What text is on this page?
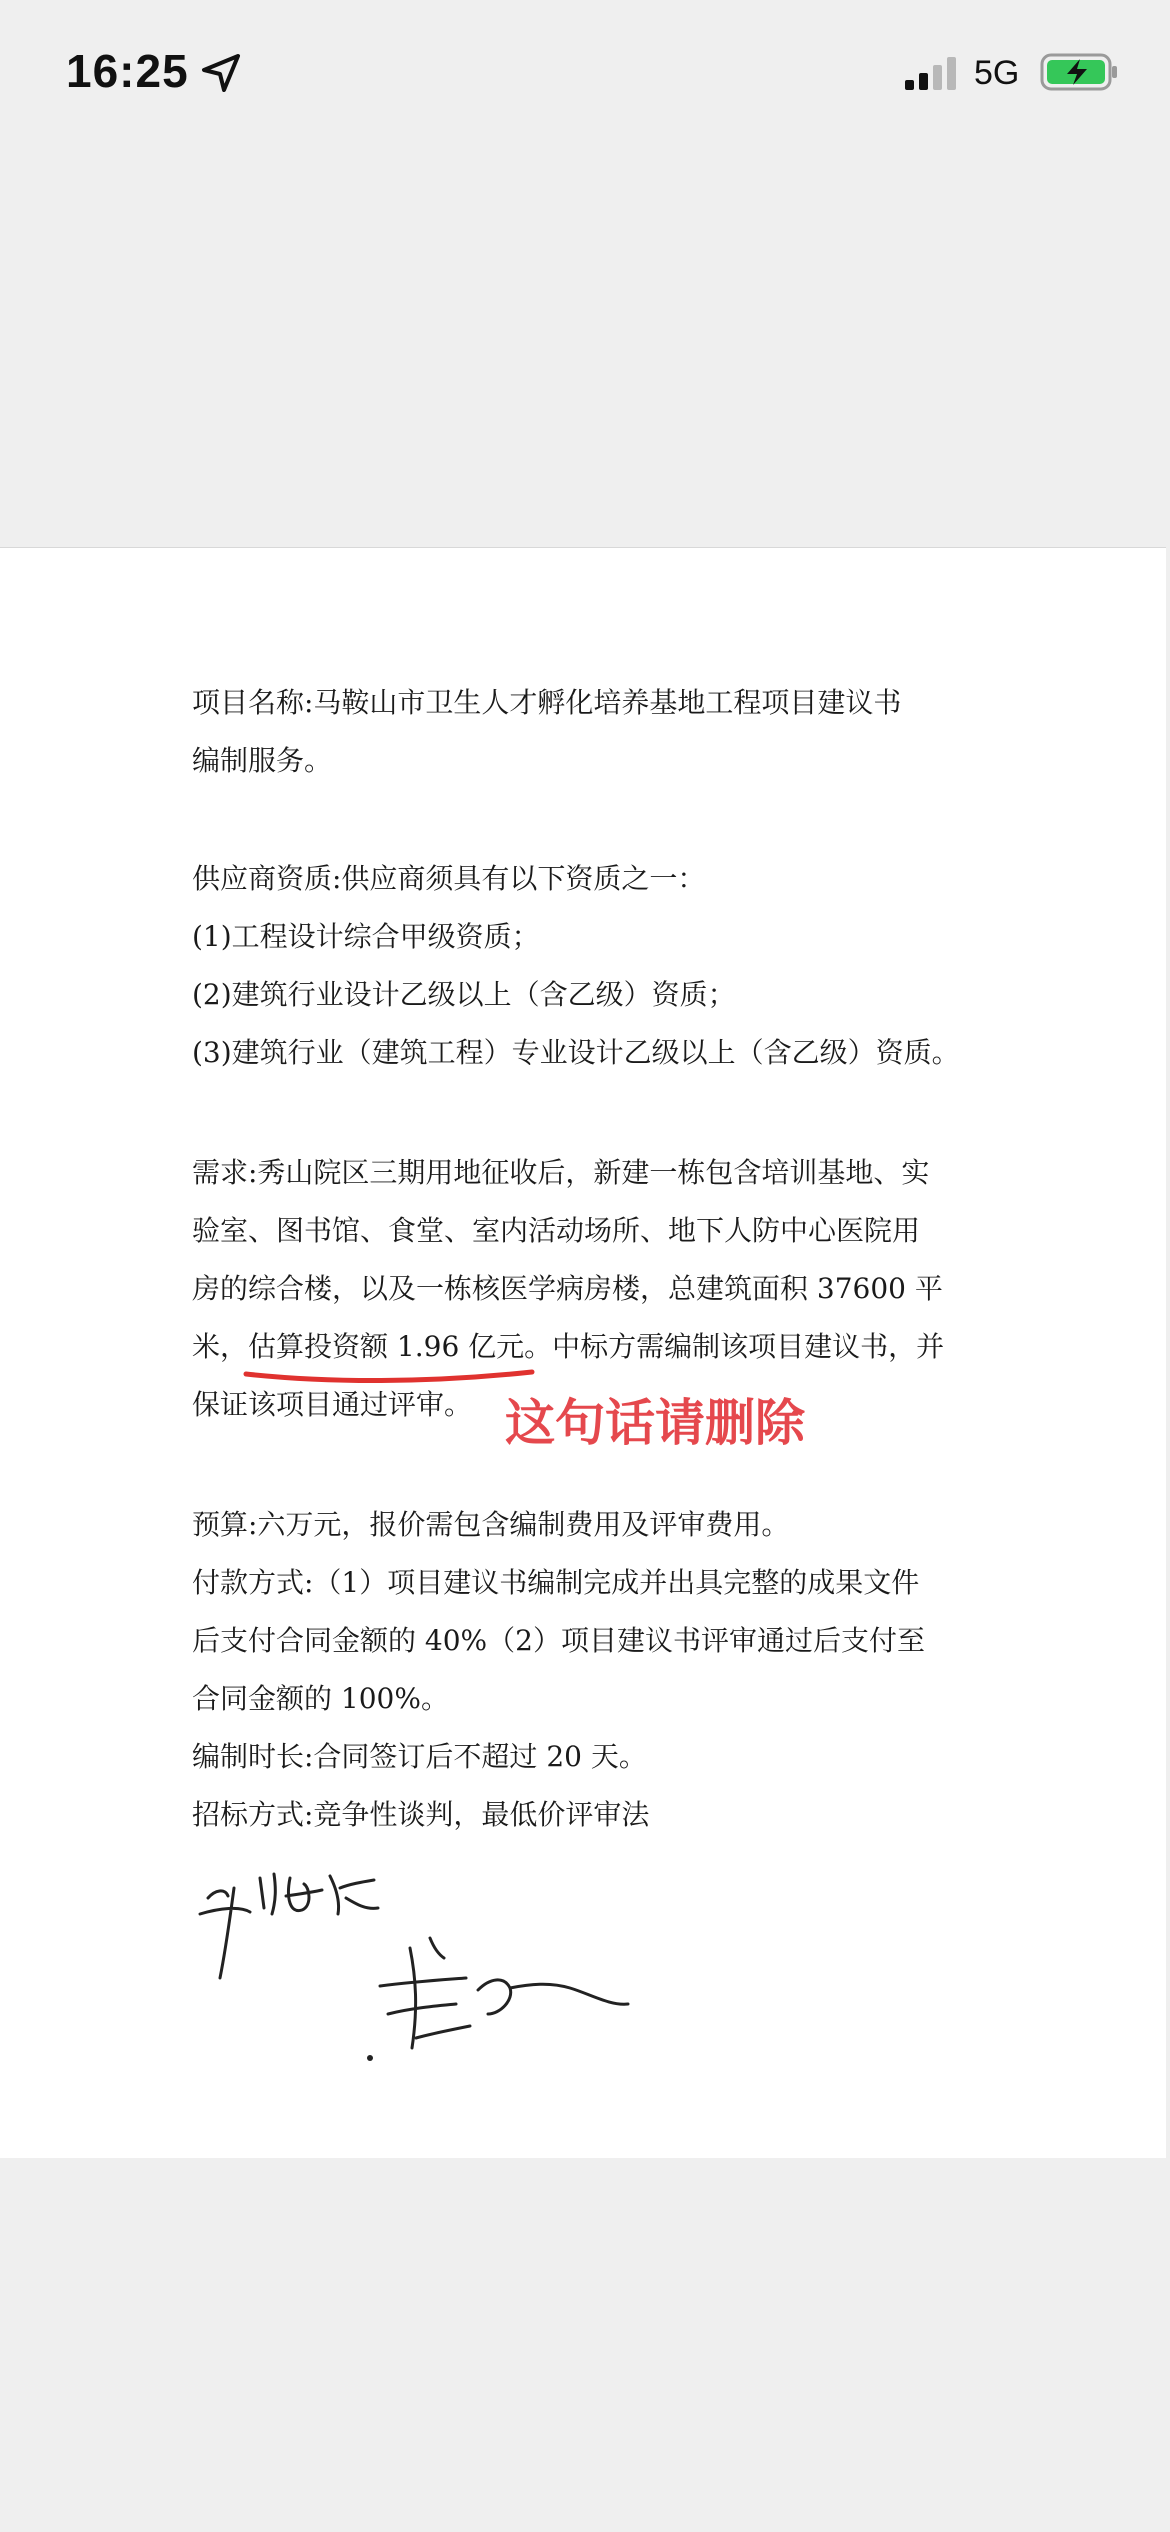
16:25	5G
项目名称:马鞍山市卫生人才孵化培养基地工程项目建议书
编制服务。
供应商资质:供应商须具有以下资质之一：
(1)工程设计综合甲级资质；
(2)建筑行业设计乙级以上（含乙级）资质；
(3)建筑行业（建筑工程）专业设计乙级以上（含乙级）资质。
需求:秀山院区三期用地征收后，新建一栋包含培训基地、实
验室、图书馆、食堂、室内活动场所、地下人防中心医院用
房的综合楼，以及一栋核医学病房楼，总建筑面积 37600 平
米，估算投资额 1.96 亿元。中标方需编制该项目建议书，并
保证该项目通过评审。
预算:六万元，报价需包含编制费用及评审费用。
付款方式:（1）项目建议书编制完成并出具完整的成果文件
后支付合同金额的 40%（2）项目建议书评审通过后支付至
合同金额的 100%。
编制时长:合同签订后不超过 20 天。
招标方式:竞争性谈判，最低价评审法
这句话请删除
